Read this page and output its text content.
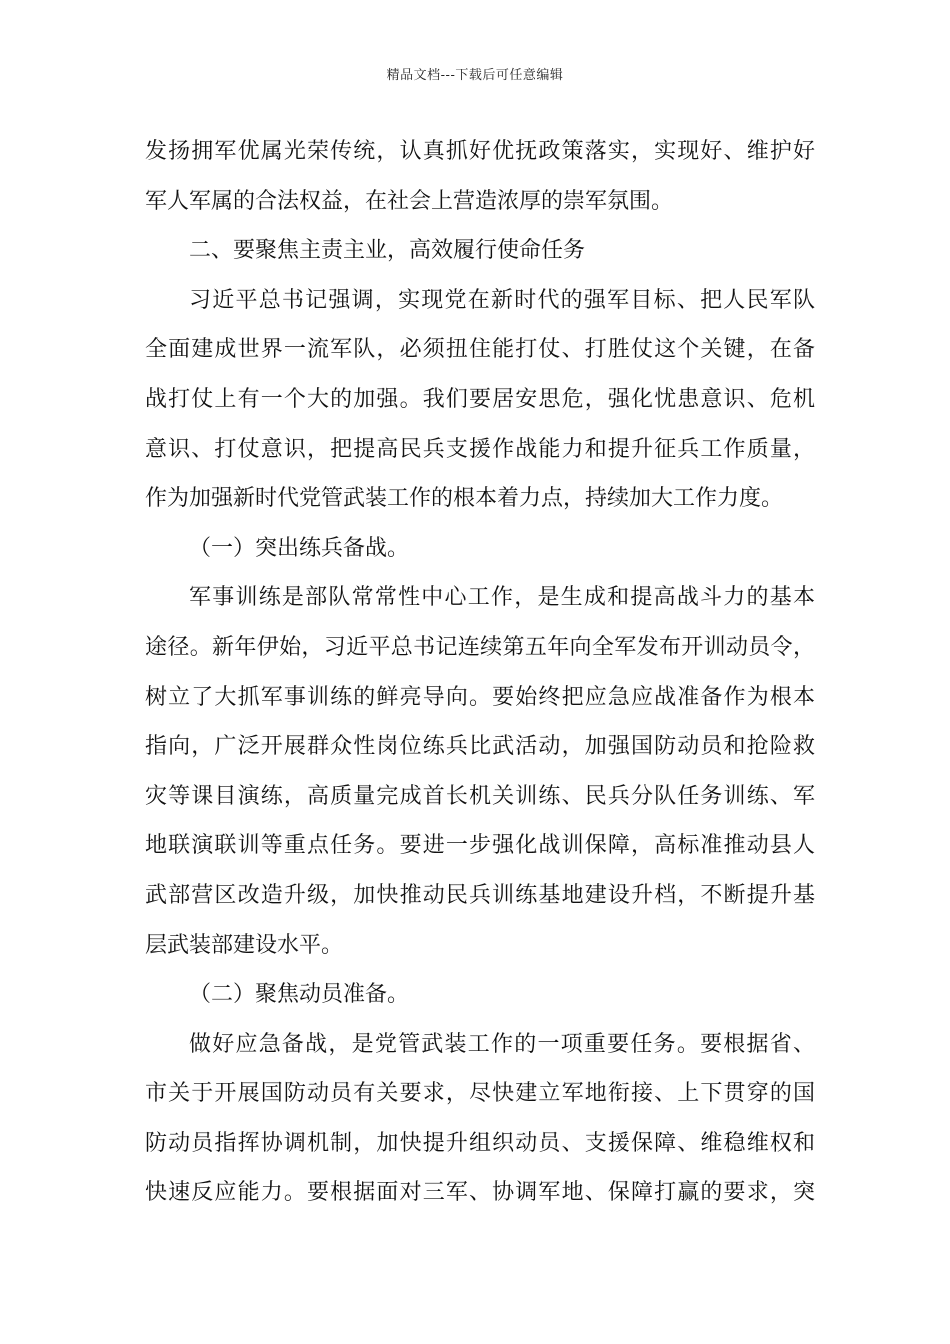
精品文档---下载后可任意编辑
发扬拥军优属光荣传统，认真抓好优抚政策落实，实现好、维护好
军人军属的合法权益，在社会上营造浓厚的崇军氛围。
二、要聚焦主责主业，高效履行使命任务
习近平总书记强调，实现党在新时代的强军目标、把人民军队
全面建成世界一流军队，必须扭住能打仗、打胜仗这个关键，在备
战打仗上有一个大的加强。我们要居安思危，强化忧患意识、危机
意识、打仗意识，把提高民兵支援作战能力和提升征兵工作质量，
作为加强新时代党管武装工作的根本着力点，持续加大工作力度。
（一）突出练兵备战。
军事训练是部队常常性中心工作，是生成和提高战斗力的基本
途径。新年伊始，习近平总书记连续第五年向全军发布开训动员令，
树立了大抓军事训练的鲜亮导向。要始终把应急应战准备作为根本
指向，广泛开展群众性岗位练兵比武活动，加强国防动员和抢险救
灾等课目演练，高质量完成首长机关训练、民兵分队任务训练、军
地联演联训等重点任务。要进一步强化战训保障，高标准推动县人
武部营区改造升级，加快推动民兵训练基地建设升档，不断提升基
层武装部建设水平。
（二）聚焦动员准备。
做好应急备战，是党管武装工作的一项重要任务。要根据省、
市关于开展国防动员有关要求，尽快建立军地衔接、上下贯穿的国
防动员指挥协调机制，加快提升组织动员、支援保障、维稳维权和
快速反应能力。要根据面对三军、协调军地、保障打赢的要求，突
